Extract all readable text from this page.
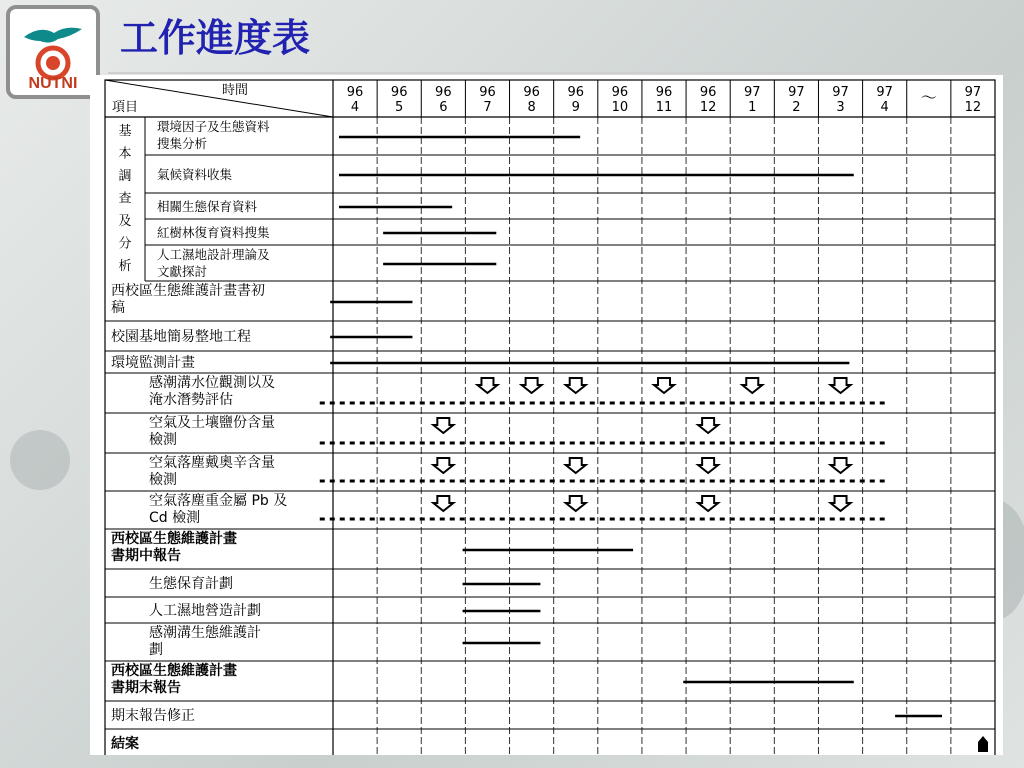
NUTNI
工作進度表
時間
項目
96
4
96
5
96
6
96
7
96
8
96
9
96
10
96
11
96
12
97
1
97
2
97
3
97
4
～ 97
12
基
本
調
查
及
分
析
環境因子及生態資料
搜集分析
氣候資料收集
相關生態保育資料
紅樹林復育資料搜集
人工濕地設計理論及
文獻探討
西校區生態維護計畫書初
稿
校園基地簡易整地工程
環境監測計畫
感潮溝水位觀測以及
淹水潛勢評估
空氣及土壤鹽份含量
檢測
空氣落塵戴奧辛含量
檢測
空氣落塵重金屬 Pb 及
Cd 檢測
西校區生態維護計畫
書期中報告
生態保育計劃
人工濕地營造計劃
感潮溝生態維護計
劃
西校區生態維護計畫
書期末報告
期末報告修正
結案
